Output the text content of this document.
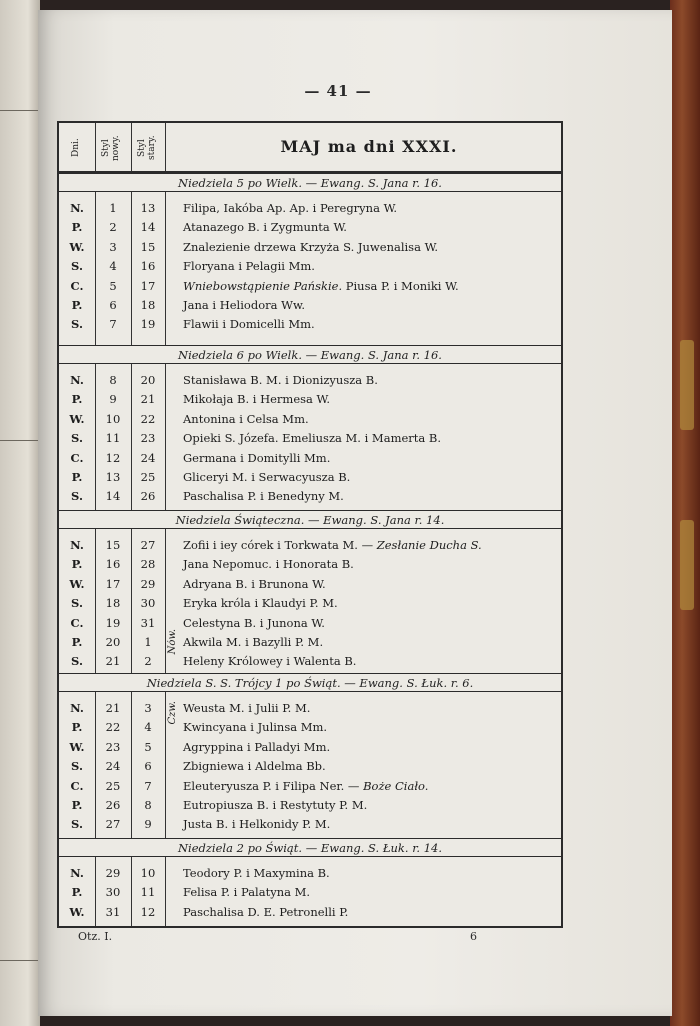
— 41 —
Dni. Styl nowy. Styl stary.	MAJ ma dni XXXI.
Niedziela 5 po Wielk. — Ewang. S. Jana r. 16.
N.	1	13	Filipa, Iakóba Ap. Ap. i Peregryna W.
P.	2	14	Atanazego B. i Zygmunta W.
W.	3	15	Znalezienie drzewa Krzyża S. Juwenalisa W.
S.	4	16	Floryana i Pelagii Mm.
C.	5	17	Wniebowstąpienie Pańskie. Piusa P. i Moniki W.
P.	6	18	Jana i Heliodora Ww.
S.	7	19	Flawii i Domicelli Mm.
Niedziela 6 po Wielk. — Ewang. S. Jana r. 16.
N.	8	20	Stanisława B. M. i Dionizyusza B.
P.	9	21	Mikołaja B. i Hermesa W.
W.	10	22	Antonina i Celsa Mm.
S.	11	23	Opieki S. Józefa. Emeliusza M. i Mamerta B.
C.	12	24	Germana i Domitylli Mm.
P.	13	25	Gliceryi M. i Serwacyusza B.
S.	14	26	Paschalisa P. i Benedyny M.
Niedziela Świąteczna. — Ewang. S. Jana r. 14.
N.	15	27	Zofii i iey córek i Torkwata M. — Zesłanie Ducha S.
P.	16	28	Jana Nepomuc. i Honorata B.
W.	17	29	Adryana B. i Brunona W.
S.	18	30	Eryka króla i Klaudyi P. M.
C.	19	31	Celestyna B. i Junona W.
P.	20	1	Akwila M. i Bazylli P. M.
S.	21	2	Heleny Królowey i Walenta B.
Niedziela S. S. Trójcy 1 po Świąt. — Ewang. S. Łuk. r. 6.
N.	21	3	Weusta M. i Julii P. M.
P.	22	4	Kwincyana i Julinsa Mm.
W.	23	5	Agryppina i Palladyi Mm.
S.	24	6	Zbigniewa i Aldelma Bb.
C.	25	7	Eleuteryusza P. i Filipa Ner. — Boże Ciało.
P.	26	8	Eutropiusza B. i Restytuty P. M.
S.	27	9	Justa B. i Helkonidy P. M.
Niedziela 2 po Świąt. — Ewang. S. Łuk. r. 14.
N.	29	10	Teodory P. i Maxymina B.
P.	30	11	Felisa P. i Palatyna M.
W.	31	12	Paschalisa D. E. Petronelli P.
Nów.
Czw.
Otz. I.	6
